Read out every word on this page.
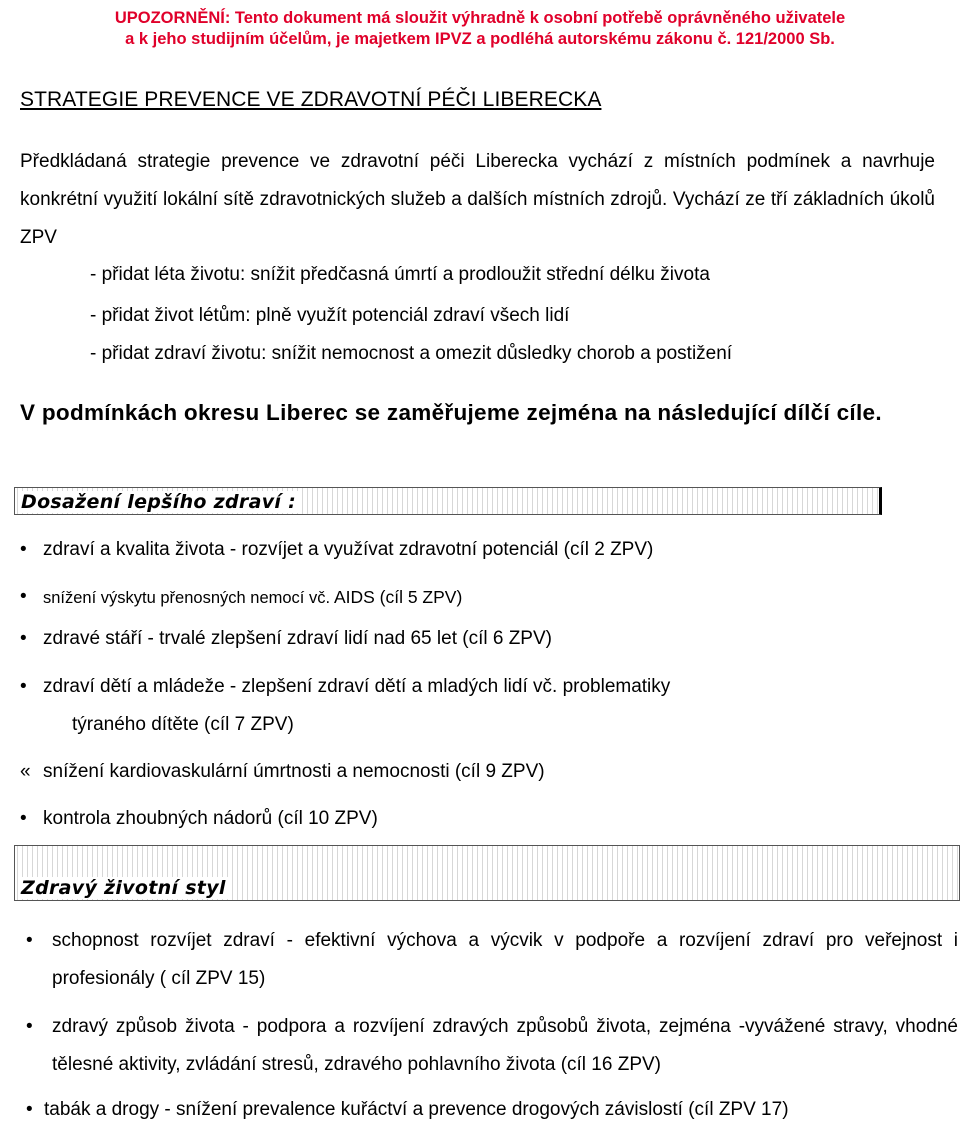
UPOZORNĚNÍ: Tento dokument má sloužit výhradně k osobní potřebě oprávněného uživatele
a k jeho studijním účelům, je majetkem IPVZ a podléhá autorskému zákonu č. 121/2000 Sb.
STRATEGIE PREVENCE VE ZDRAVOTNÍ PÉČI LIBERECKA
Předkládaná strategie prevence ve zdravotní péči Liberecka vychází z místních podmínek a navrhuje konkrétní využití lokální sítě zdravotnických služeb a dalších místních zdrojů. Vychází ze tří základních úkolů ZPV
- přidat léta životu: snížit předčasná úmrtí a prodloužit střední délku života
- přidat život létům: plně využít potenciál zdraví všech lidí
- přidat zdraví životu: snížit nemocnost a omezit důsledky chorob a postižení
V podmínkách okresu Liberec se zaměřujeme zejména na následující dílčí cíle.
Dosažení lepšího zdraví :
• zdraví a kvalita života - rozvíjet a využívat zdravotní potenciál (cíl 2 ZPV)
• snížení výskytu přenosných nemocí vč. AIDS (cíl 5 ZPV)
• zdravé stáří - trvalé zlepšení zdraví lidí nad 65 let (cíl 6 ZPV)
• zdraví dětí a mládeže - zlepšení zdraví dětí a mladých lidí vč. problematiky
týraného dítěte (cíl 7 ZPV)
« snížení kardiovaskulární úmrtnosti a nemocnosti (cíl 9 ZPV)
• kontrola zhoubných nádorů (cíl 10 ZPV)
Zdravý životní styl
•	schopnost rozvíjet zdraví - efektivní výchova a výcvik v podpoře a rozvíjení zdraví pro veřejnost i profesionály ( cíl ZPV 15)
•	zdravý způsob života - podpora a rozvíjení zdravých způsobů života, zejména -vyvážené stravy, vhodné tělesné aktivity, zvládání stresů, zdravého pohlavního života (cíl 16 ZPV)
• tabák a drogy - snížení prevalence kuřáctví a prevence drogových závislostí (cíl ZPV 17)
